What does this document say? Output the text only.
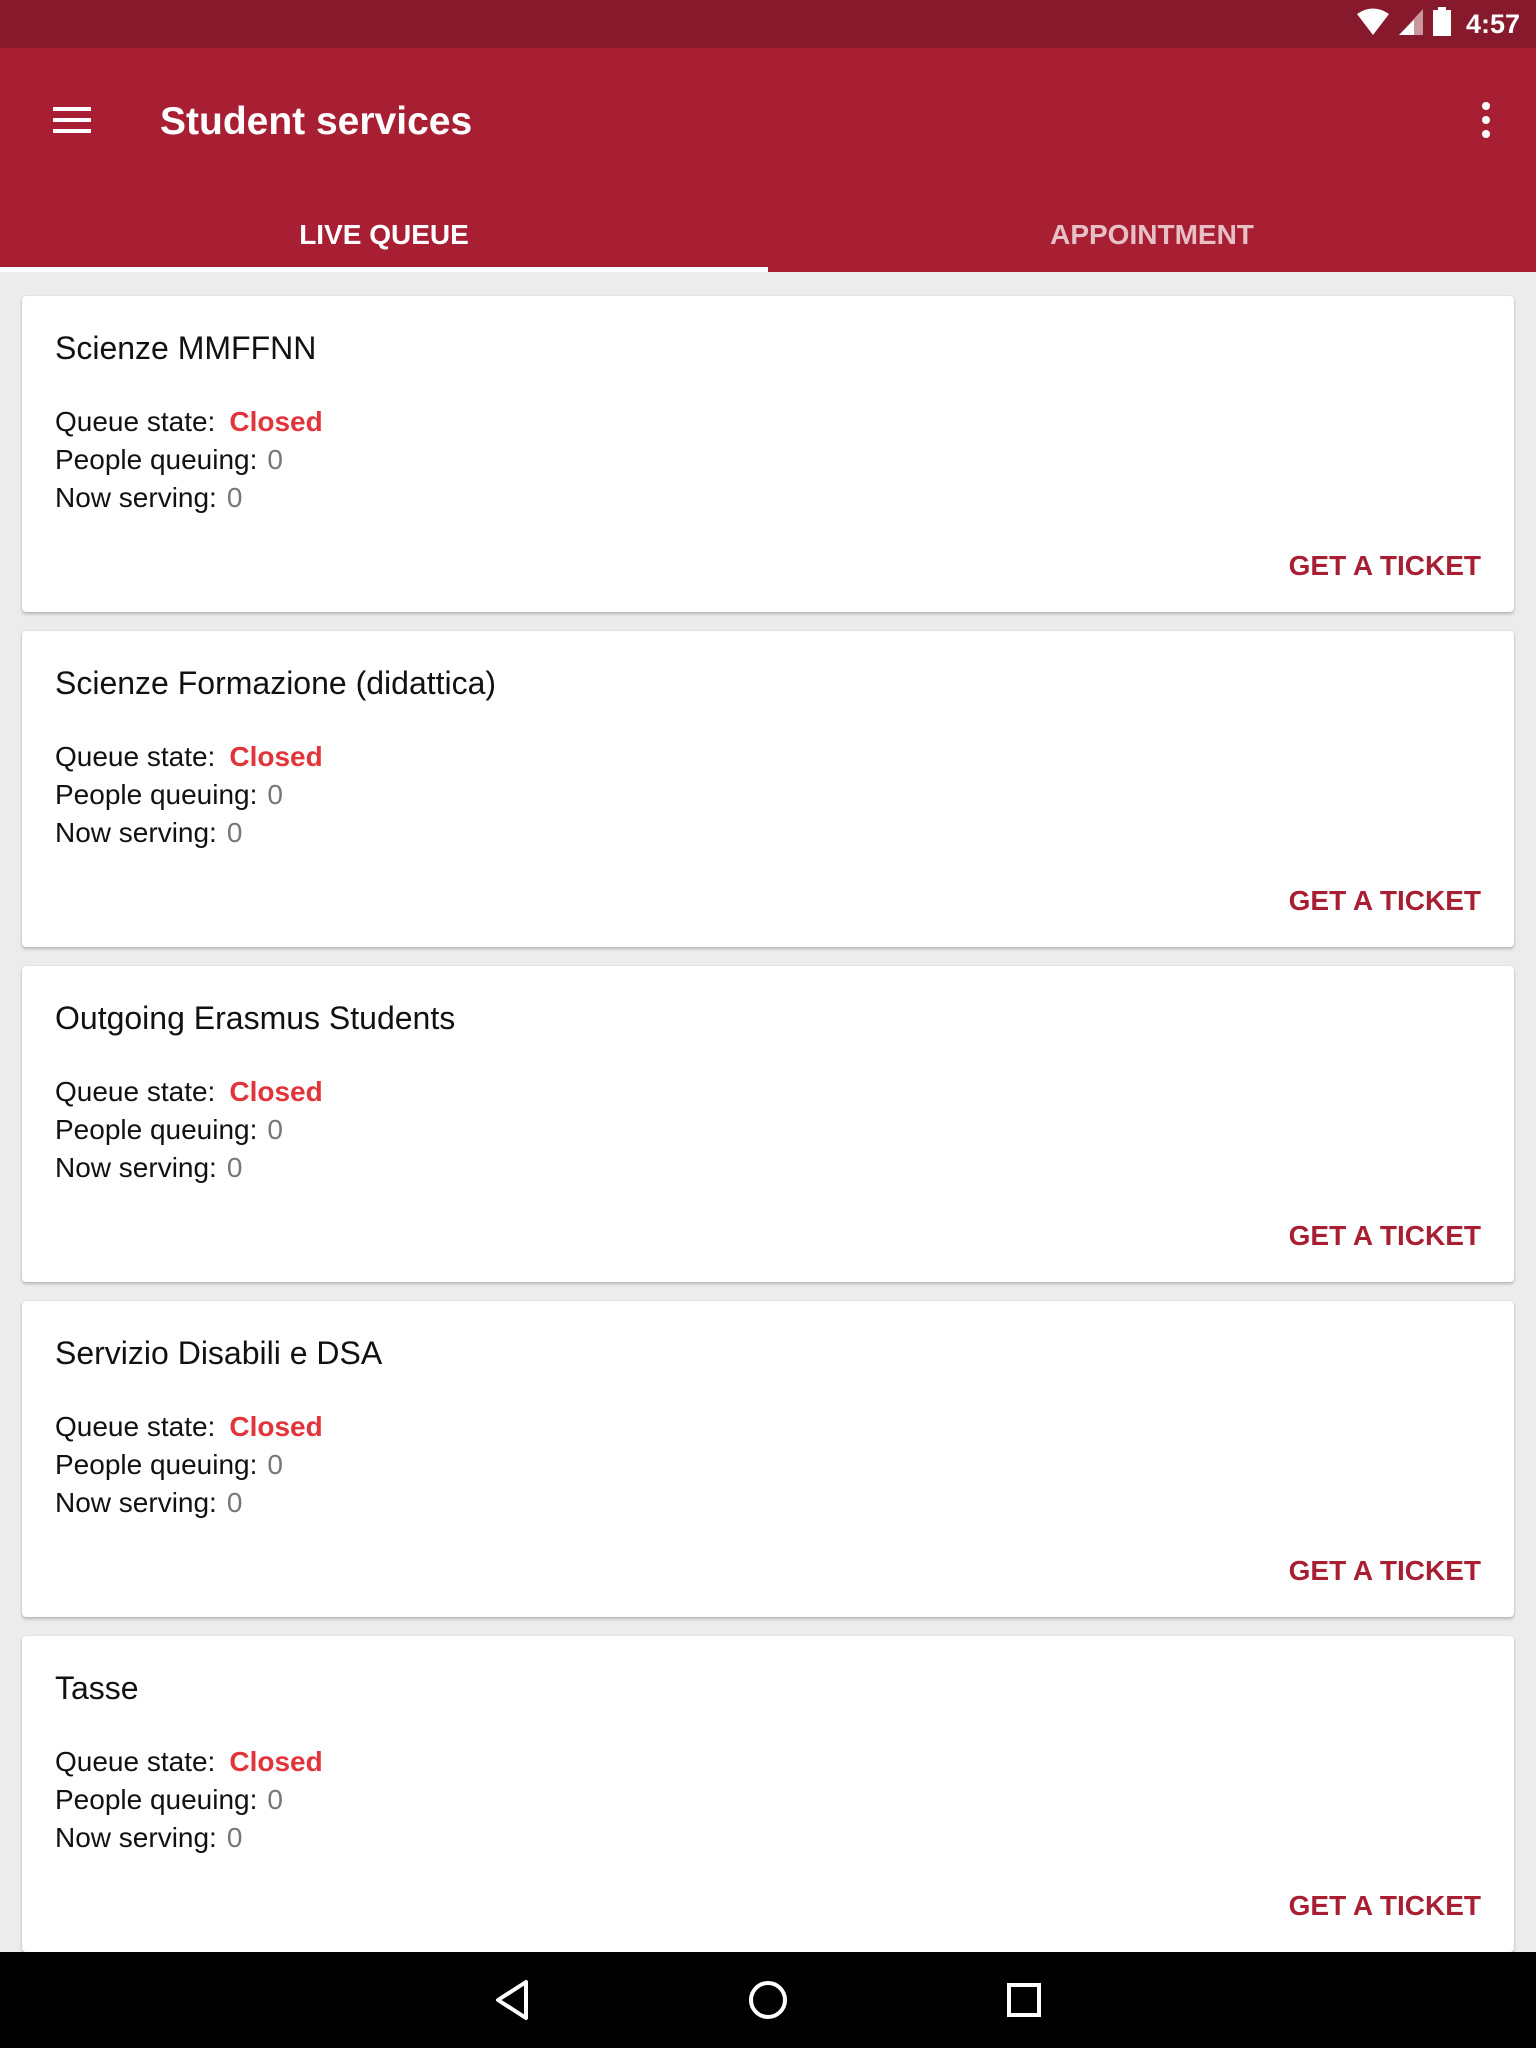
4:57
Student services
LIVE QUEUE	APPOINTMENT
Scienze MMFFNN
Queue state: Closed
People queuing: 0
Now serving: 0
GET A TICKET
Scienze Formazione (didattica)
Queue state: Closed
People queuing: 0
Now serving: 0
GET A TICKET
Outgoing Erasmus Students
Queue state: Closed
People queuing: 0
Now serving: 0
GET A TICKET
Servizio Disabili e DSA
Queue state: Closed
People queuing: 0
Now serving: 0
GET A TICKET
Tasse
Queue state: Closed
People queuing: 0
Now serving: 0
GET A TICKET
